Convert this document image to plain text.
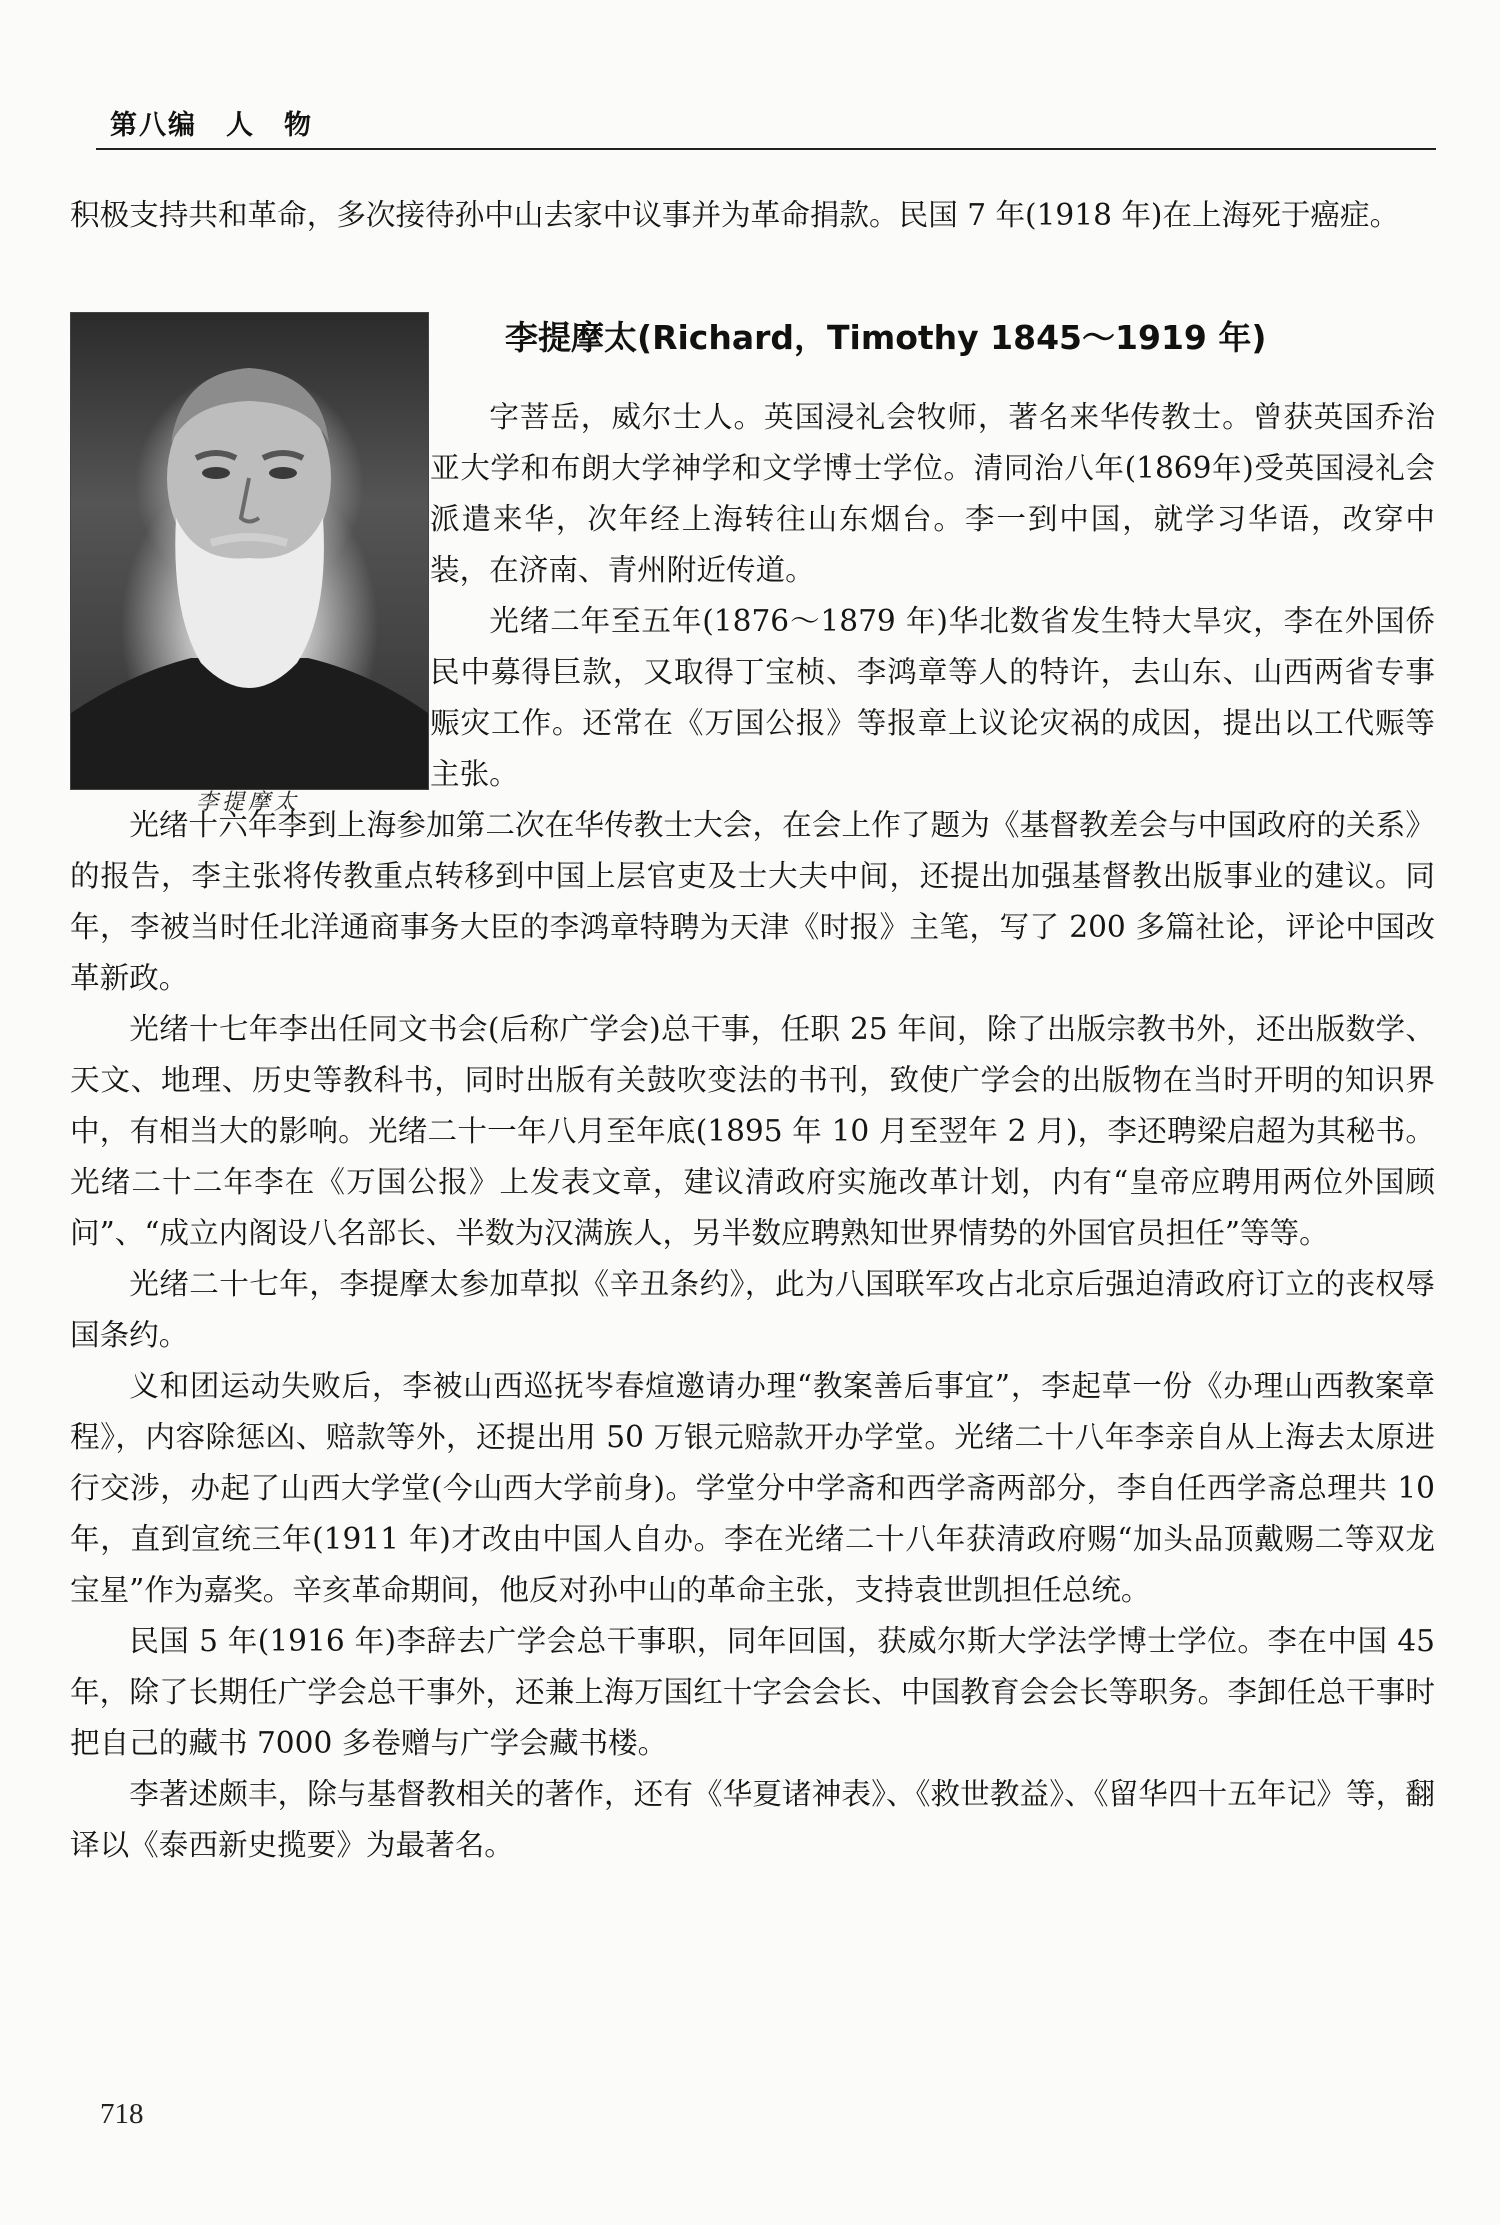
第八编　人　物

积极支持共和革命，多次接待孙中山去家中议事并为革命捐款。民国 7 年(1918 年)在上海死于癌症。

李提摩太
李提摩太(Richard，Timothy 1845～1919 年)

字菩岳，威尔士人。英国浸礼会牧师，著名来华传教士。曾获英国乔治亚大学和布朗大学神学和文学博士学位。清同治八年(1869年)受英国浸礼会派遣来华，次年经上海转往山东烟台。李一到中国，就学习华语，改穿中装，在济南、青州附近传道。

光绪二年至五年(1876～1879 年)华北数省发生特大旱灾，李在外国侨民中募得巨款，又取得丁宝桢、李鸿章等人的特许，去山东、山西两省专事赈灾工作。还常在《万国公报》等报章上议论灾祸的成因，提出以工代赈等主张。

光绪十六年李到上海参加第二次在华传教士大会，在会上作了题为《基督教差会与中国政府的关系》的报告，李主张将传教重点转移到中国上层官吏及士大夫中间，还提出加强基督教出版事业的建议。同年，李被当时任北洋通商事务大臣的李鸿章特聘为天津《时报》主笔，写了 200 多篇社论，评论中国改革新政。

光绪十七年李出任同文书会(后称广学会)总干事，任职 25 年间，除了出版宗教书外，还出版数学、天文、地理、历史等教科书，同时出版有关鼓吹变法的书刊，致使广学会的出版物在当时开明的知识界中，有相当大的影响。光绪二十一年八月至年底(1895 年 10 月至翌年 2 月)，李还聘梁启超为其秘书。光绪二十二年李在《万国公报》上发表文章，建议清政府实施改革计划，内有“皇帝应聘用两位外国顾问”、“成立内阁设八名部长、半数为汉满族人，另半数应聘熟知世界情势的外国官员担任”等等。

光绪二十七年，李提摩太参加草拟《辛丑条约》，此为八国联军攻占北京后强迫清政府订立的丧权辱国条约。

义和团运动失败后，李被山西巡抚岑春煊邀请办理“教案善后事宜”，李起草一份《办理山西教案章程》，内容除惩凶、赔款等外，还提出用 50 万银元赔款开办学堂。光绪二十八年李亲自从上海去太原进行交涉，办起了山西大学堂(今山西大学前身)。学堂分中学斋和西学斋两部分，李自任西学斋总理共 10 年，直到宣统三年(1911 年)才改由中国人自办。李在光绪二十八年获清政府赐“加头品顶戴赐二等双龙宝星”作为嘉奖。辛亥革命期间，他反对孙中山的革命主张，支持袁世凯担任总统。

民国 5 年(1916 年)李辞去广学会总干事职，同年回国，获威尔斯大学法学博士学位。李在中国 45 年，除了长期任广学会总干事外，还兼上海万国红十字会会长、中国教育会会长等职务。李卸任总干事时把自己的藏书 7000 多卷赠与广学会藏书楼。

李著述颇丰，除与基督教相关的著作，还有《华夏诸神表》、《救世教益》、《留华四十五年记》等，翻译以《泰西新史揽要》为最著名。

718
